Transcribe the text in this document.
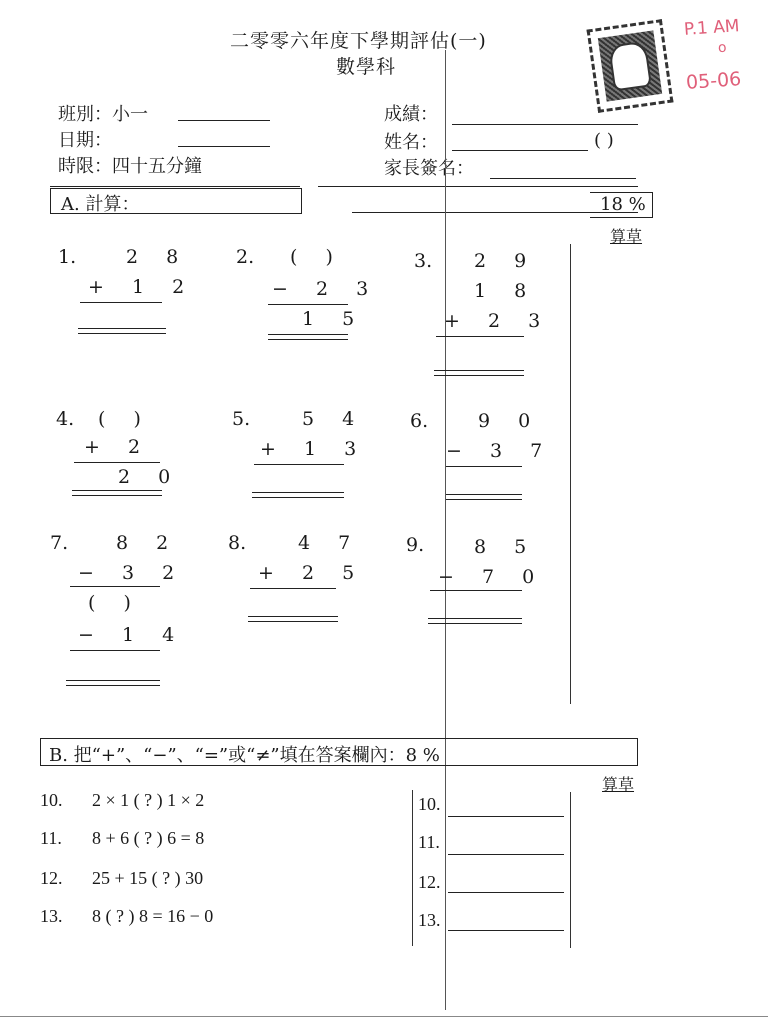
二零零六年度下學期評估(一)
數學科
P.1 AM
o
05-06
班別：小一
日期：
時限：四十五分鐘
成績：
姓名：	( )
家長簽名：
A. 計算：	18 %
算草
1.	2 8
+ 1 2
2. ( )
− 2 3
1 5
3. 2 9
1 8
+ 2 3
4. ( )
+ 2
2 0
5.	5 4
+ 1 3
6.	9 0
− 3 7
7.	8 2
− 3 2
( )
− 1 4
8.	4 7
+ 2 5
9.	8 5
− 7 0
B. 把“+”、“−”、“=”或“≠”填在答案欄內：8 %
算草
10. 2 × 1 ( ? ) 1 × 2
11. 8 + 6 ( ? ) 6 = 8
12. 25 + 15 ( ? ) 30
13. 8 ( ? ) 8 = 16 − 0
10.
11.
12.
13.
